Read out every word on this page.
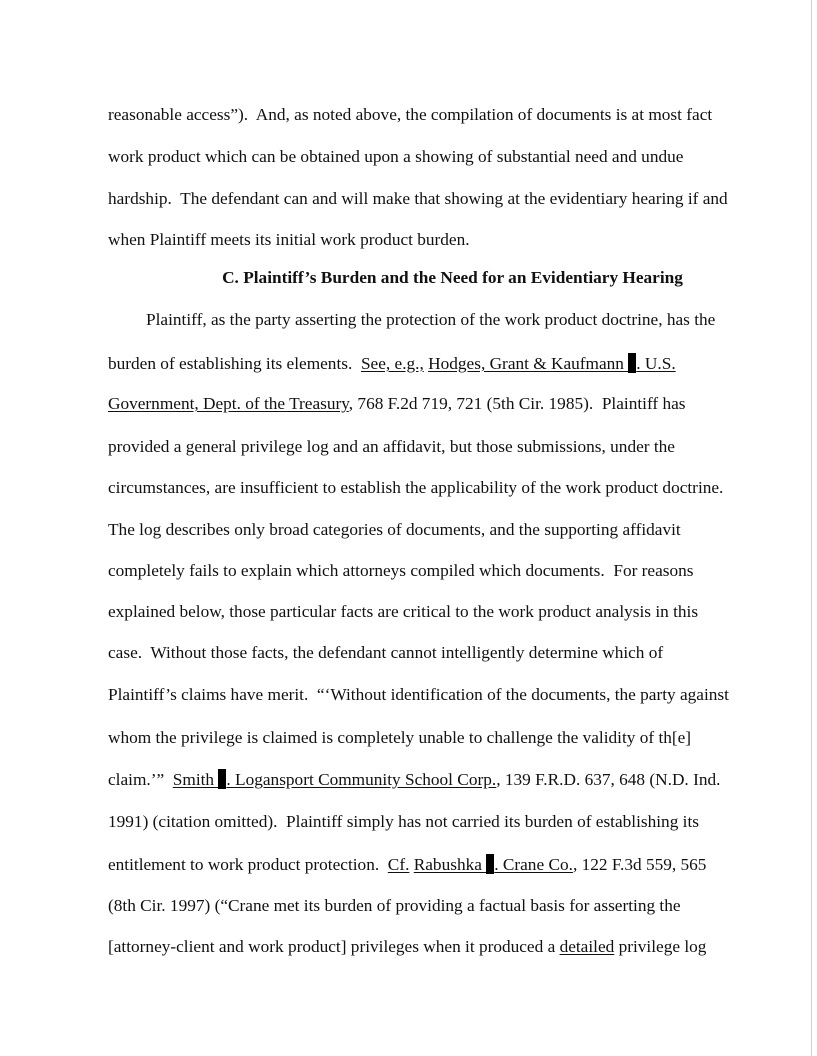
reasonable access”).  And, as noted above, the compilation of documents is at most fact
work product which can be obtained upon a showing of substantial need and undue
hardship.  The defendant can and will make that showing at the evidentiary hearing if and
when Plaintiff meets its initial work product burden.
C. Plaintiff’s Burden and the Need for an Evidentiary Hearing
Plaintiff, as the party asserting the protection of the work product doctrine, has the
burden of establishing its elements.  See, e.g., Hodges, Grant & Kaufmann . U.S.
Government, Dept. of the Treasury, 768 F.2d 719, 721 (5th Cir. 1985).  Plaintiff has
provided a general privilege log and an affidavit, but those submissions, under the
circumstances, are insufficient to establish the applicability of the work product doctrine.
The log describes only broad categories of documents, and the supporting affidavit
completely fails to explain which attorneys compiled which documents.  For reasons
explained below, those particular facts are critical to the work product analysis in this
case.  Without those facts, the defendant cannot intelligently determine which of
Plaintiff’s claims have merit.  “‘Without identification of the documents, the party against
whom the privilege is claimed is completely unable to challenge the validity of th[e]
claim.’”  Smith . Logansport Community School Corp., 139 F.R.D. 637, 648 (N.D. Ind.
1991) (citation omitted).  Plaintiff simply has not carried its burden of establishing its
entitlement to work product protection.  Cf. Rabushka . Crane Co., 122 F.3d 559, 565
(8th Cir. 1997) (“Crane met its burden of providing a factual basis for asserting the
[attorney-client and work product] privileges when it produced a detailed privilege log
